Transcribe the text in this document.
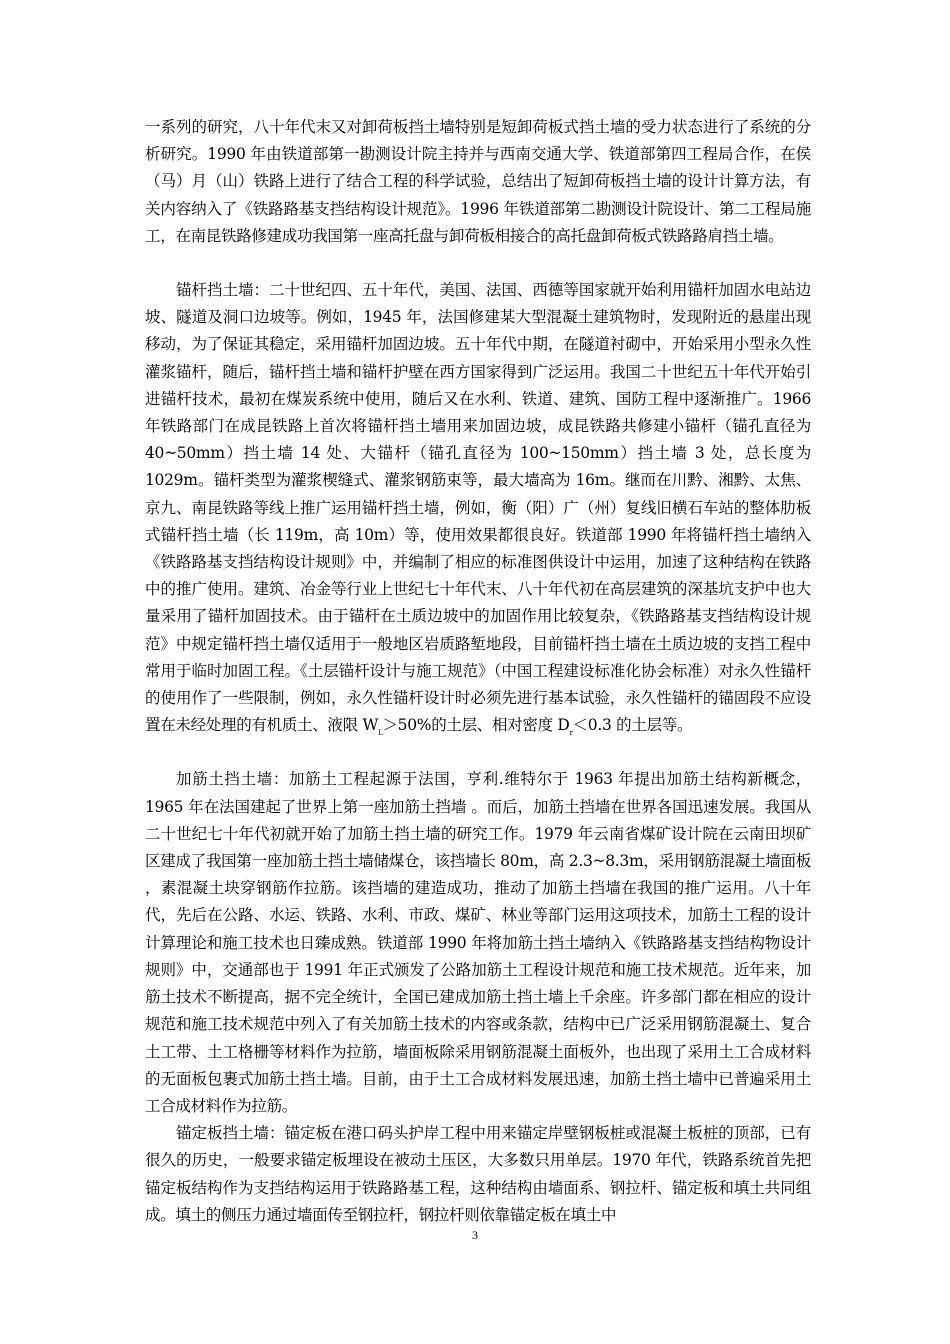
一系列的研究，八十年代末又对卸荷板挡土墙特别是短卸荷板式挡土墙的受力状态进行了系统的分析研究。1990 年由铁道部第一勘测设计院主持并与西南交通大学、铁道部第四工程局合作，在侯（马）月（山）铁路上进行了结合工程的科学试验，总结出了短卸荷板挡土墙的设计计算方法，有关内容纳入了《铁路路基支挡结构设计规范》。1996 年铁道部第二勘测设计院设计、第二工程局施工，在南昆铁路修建成功我国第一座高托盘与卸荷板相接合的高托盘卸荷板式铁路路肩挡土墙。

锚杆挡土墙：二十世纪四、五十年代，美国、法国、西德等国家就开始利用锚杆加固水电站边坡、隧道及洞口边坡等。例如，1945 年，法国修建某大型混凝土建筑物时，发现附近的悬崖出现移动，为了保证其稳定，采用锚杆加固边坡。五十年代中期，在隧道衬砌中，开始采用小型永久性灌浆锚杆，随后，锚杆挡土墙和锚杆护壁在西方国家得到广泛运用。我国二十世纪五十年代开始引进锚杆技术，最初在煤炭系统中使用，随后又在水利、铁道、建筑、国防工程中逐渐推广。1966 年铁路部门在成昆铁路上首次将锚杆挡土墙用来加固边坡，成昆铁路共修建小锚杆（锚孔直径为 40~50mm）挡土墙 14 处、大锚杆（锚孔直径为 100~150mm）挡土墙 3 处，总长度为 1029m。锚杆类型为灌浆楔缝式、灌浆钢筋束等，最大墙高为 16m。继而在川黔、湘黔、太焦、京九、南昆铁路等线上推广运用锚杆挡土墙，例如，衡（阳）广（州）复线旧横石车站的整体肋板式锚杆挡土墙（长 119m，高 10m）等，使用效果都很良好。铁道部 1990 年将锚杆挡土墙纳入《铁路路基支挡结构设计规则》中，并编制了相应的标准图供设计中运用，加速了这种结构在铁路中的推广使用。建筑、冶金等行业上世纪七十年代末、八十年代初在高层建筑的深基坑支护中也大量采用了锚杆加固技术。由于锚杆在土质边坡中的加固作用比较复杂，《铁路路基支挡结构设计规范》中规定锚杆挡土墙仅适用于一般地区岩质路堑地段，目前锚杆挡土墙在土质边坡的支挡工程中常用于临时加固工程。《土层锚杆设计与施工规范》（中国工程建设标准化协会标准）对永久性锚杆的使用作了一些限制，例如，永久性锚杆设计时必须先进行基本试验，永久性锚杆的锚固段不应设置在未经处理的有机质土、液限 $W_L>50\%$的土层、相对密度 $D_r<0.3$ 的土层等。

加筋土挡土墙：加筋土工程起源于法国，亨利.维特尔于 1963 年提出加筋土结构新概念，1965 年在法国建起了世界上第一座加筋土挡墙 。而后，加筋土挡墙在世界各国迅速发展。我国从二十世纪七十年代初就开始了加筋土挡土墙的研究工作。1979 年云南省煤矿设计院在云南田坝矿区建成了我国第一座加筋土挡土墙储煤仓，该挡墙长 80m，高 2.3~8.3m，采用钢筋混凝土墙面板 ，素混凝土块穿钢筋作拉筋。该挡墙的建造成功，推动了加筋土挡墙在我国的推广运用。八十年代，先后在公路、水运、铁路、水利、市政、煤矿、林业等部门运用这项技术，加筋土工程的设计计算理论和施工技术也日臻成熟。铁道部 1990 年将加筋土挡土墙纳入《铁路路基支挡结构物设计规则》中，交通部也于 1991 年正式颁发了公路加筋土工程设计规范和施工技术规范。近年来，加筋土技术不断提高，据不完全统计，全国已建成加筋土挡土墙上千余座。许多部门都在相应的设计规范和施工技术规范中列入了有关加筋土技术的内容或条款，结构中已广泛采用钢筋混凝土、复合土工带、土工格栅等材料作为拉筋，墙面板除采用钢筋混凝土面板外，也出现了采用土工合成材料的无面板包裹式加筋土挡土墙。目前，由于土工合成材料发展迅速，加筋土挡土墙中已普遍采用土工合成材料作为拉筋。

锚定板挡土墙：锚定板在港口码头护岸工程中用来锚定岸壁钢板桩或混凝土板桩的顶部，已有很久的历史，一般要求锚定板埋设在被动土压区，大多数只用单层。1970 年代，铁路系统首先把锚定板结构作为支挡结构运用于铁路路基工程，这种结构由墙面系、钢拉杆、锚定板和填土共同组成。填土的侧压力通过墙面传至钢拉杆，钢拉杆则依靠锚定板在填土中

3
